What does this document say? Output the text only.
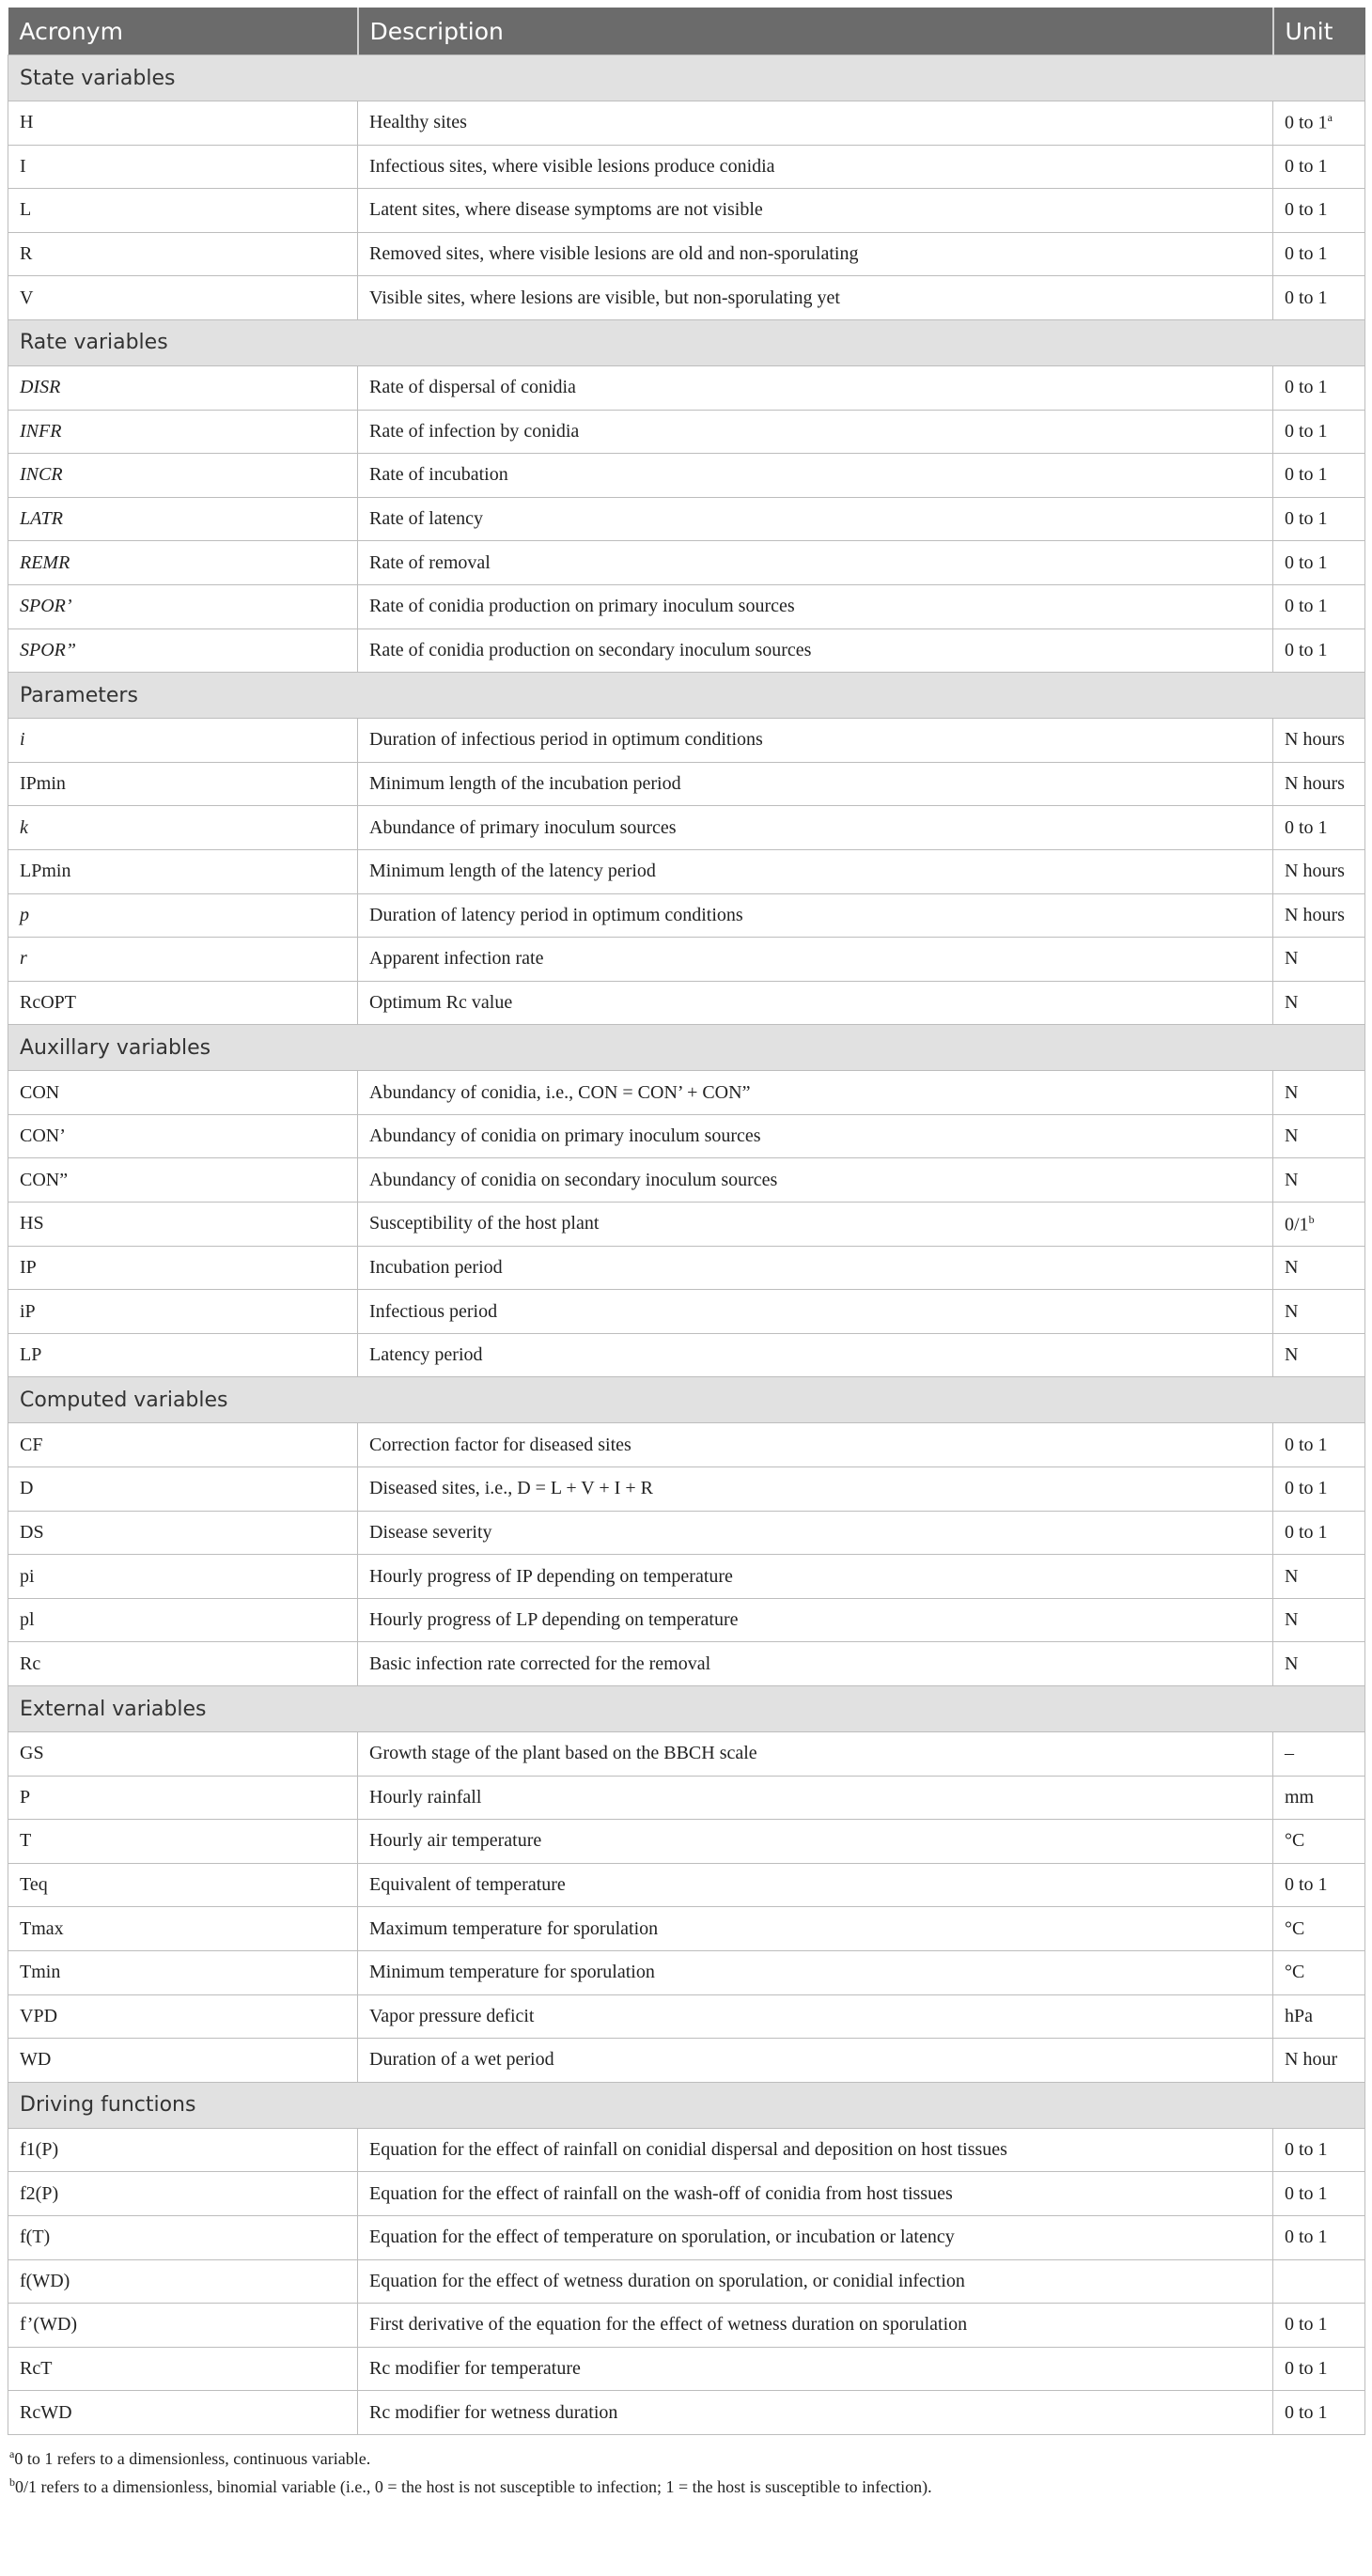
Acronym	Description	Unit
State variables		
H	Healthy sites	0 to 1$^a$
I	Infectious sites, where visible lesions produce conidia	0 to 1
L	Latent sites, where disease symptoms are not visible	0 to 1
R	Removed sites, where visible lesions are old and non-sporulating	0 to 1
V	Visible sites, where lesions are visible, but non-sporulating yet	0 to 1
Rate variables		
DISR	Rate of dispersal of conidia	0 to 1
INFR	Rate of infection by conidia	0 to 1
INCR	Rate of incubation	0 to 1
LATR	Rate of latency	0 to 1
REMR	Rate of removal	0 to 1
SPOR’	Rate of conidia production on primary inoculum sources	0 to 1
SPOR”	Rate of conidia production on secondary inoculum sources	0 to 1
Parameters		
i	Duration of infectious period in optimum conditions	N hours
IPmin	Minimum length of the incubation period	N hours
k	Abundance of primary inoculum sources	0 to 1
LPmin	Minimum length of the latency period	N hours
p	Duration of latency period in optimum conditions	N hours
r	Apparent infection rate	N
RcOPT	Optimum Rc value	N
Auxillary variables		
CON	Abundancy of conidia, i.e., CON = CON’ + CON”	N
CON’	Abundancy of conidia on primary inoculum sources	N
CON”	Abundancy of conidia on secondary inoculum sources	N
HS	Susceptibility of the host plant	0/1$^b$
IP	Incubation period	N
iP	Infectious period	N
LP	Latency period	N
Computed variables		
CF	Correction factor for diseased sites	0 to 1
D	Diseased sites, i.e., D = L + V + I + R	0 to 1
DS	Disease severity	0 to 1
pi	Hourly progress of IP depending on temperature	N
pl	Hourly progress of LP depending on temperature	N
Rc	Basic infection rate corrected for the removal	N
External variables		
GS	Growth stage of the plant based on the BBCH scale	–
P	Hourly rainfall	mm
T	Hourly air temperature	°C
Teq	Equivalent of temperature	0 to 1
Tmax	Maximum temperature for sporulation	°C
Tmin	Minimum temperature for sporulation	°C
VPD	Vapor pressure deficit	hPa
WD	Duration of a wet period	N hour
Driving functions		
f1(P)	Equation for the effect of rainfall on conidial dispersal and deposition on host tissues	0 to 1
f2(P)	Equation for the effect of rainfall on the wash-off of conidia from host tissues	0 to 1
f(T)	Equation for the effect of temperature on sporulation, or incubation or latency	0 to 1
f(WD)	Equation for the effect of wetness duration on sporulation, or conidial infection	
f’(WD)	First derivative of the equation for the effect of wetness duration on sporulation	0 to 1
RcT	Rc modifier for temperature	0 to 1
RcWD	Rc modifier for wetness duration	0 to 1
$^a$0 to 1 refers to a dimensionless, continuous variable.
$^b$0/1 refers to a dimensionless, binomial variable (i.e., 0 = the host is not susceptible to infection; 1 = the host is susceptible to infection).
